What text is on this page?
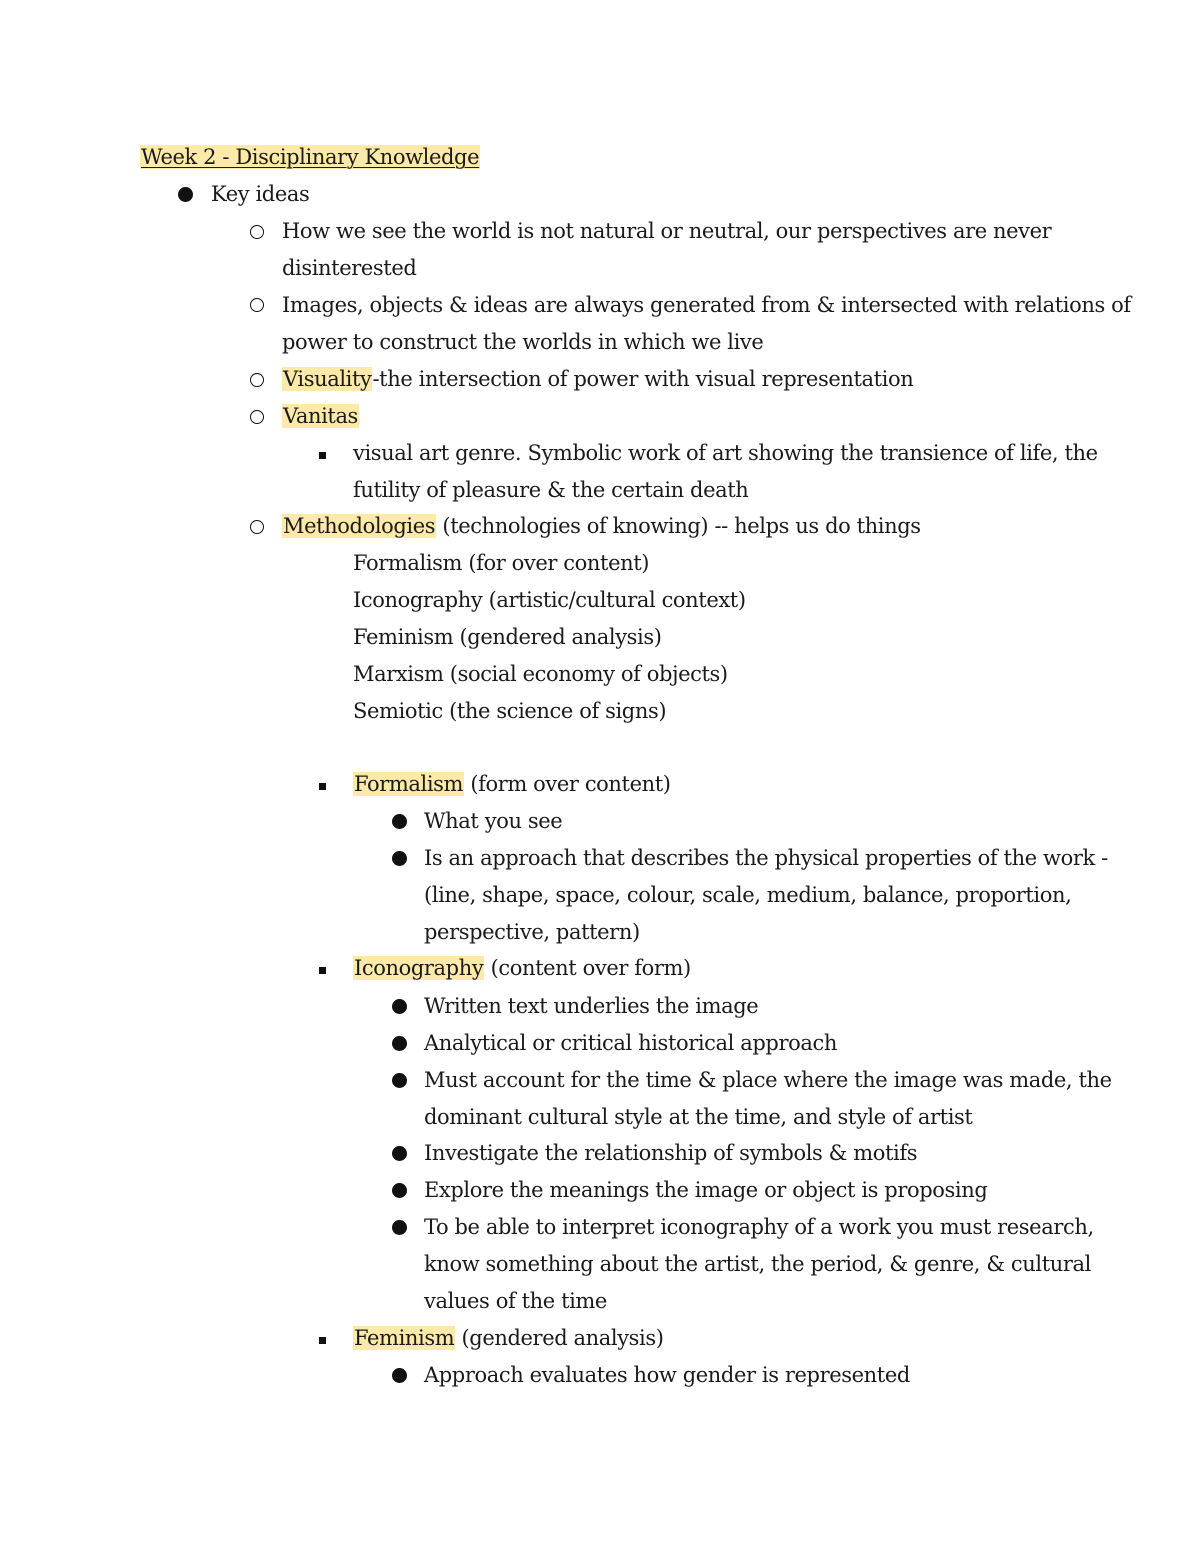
Week 2 - Disciplinary Knowledge
Key ideas
How we see the world is not natural or neutral, our perspectives are never
disinterested
Images, objects & ideas are always generated from & intersected with relations of
power to construct the worlds in which we live
Visuality-the intersection of power with visual representation
Vanitas
visual art genre. Symbolic work of art showing the transience of life, the
futility of pleasure & the certain death
Methodologies (technologies of knowing) -- helps us do things
Formalism (for over content)
Iconography (artistic/cultural context)
Feminism (gendered analysis)
Marxism (social economy of objects)
Semiotic (the science of signs)
Formalism (form over content)
What you see
Is an approach that describes the physical properties of the work -
(line, shape, space, colour, scale, medium, balance, proportion,
perspective, pattern)
Iconography (content over form)
Written text underlies the image
Analytical or critical historical approach
Must account for the time & place where the image was made, the
dominant cultural style at the time, and style of artist
Investigate the relationship of symbols & motifs
Explore the meanings the image or object is proposing
To be able to interpret iconography of a work you must research,
know something about the artist, the period, & genre, & cultural
values of the time
Feminism (gendered analysis)
Approach evaluates how gender is represented
